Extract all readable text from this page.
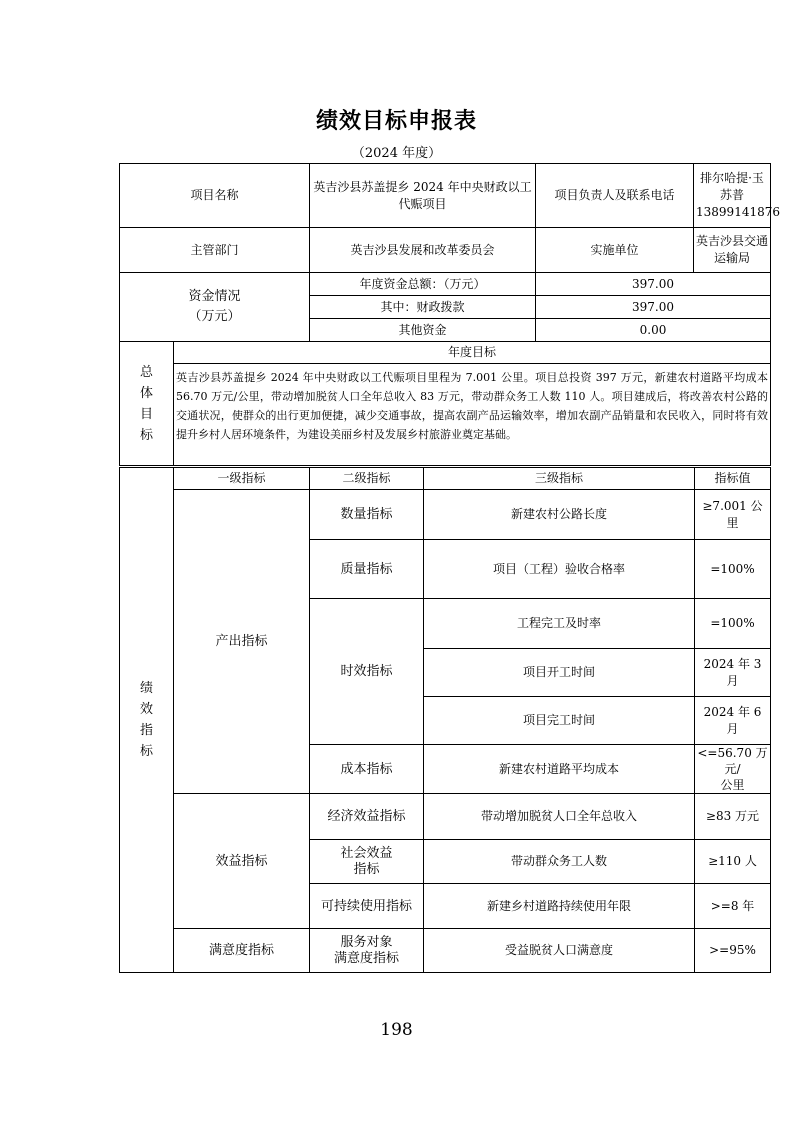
绩效目标申报表
（2024 年度）
项目名称		英吉沙县苏盖提乡 2024 年中央财政以工代赈项目	项目负责人及联系电话	排尔哈提·玉苏普
13899141876
主管部门		英吉沙县发展和改革委员会	实施单位	英吉沙县交通运输局
资金情况
（万元）		年度资金总额：（万元）	397.00	
		其中：财政拨款	397.00	
		其他资金	0.00	
总
体
目
标	年度目标			
	英吉沙县苏盖提乡 2024 年中央财政以工代赈项目里程为 7.001 公里。项目总投资 397 万元，新建农村道路平均成本 56.70 万元/公里，带动增加脱贫人口全年总收入 83 万元，带动群众务工人数 110 人。项目建成后，将改善农村公路的交通状况，使群众的出行更加便捷，减少交通事故，提高农副产品运输效率，增加农副产品销量和农民收入，同时将有效提升乡村人居环境条件，为建设美丽乡村及发展乡村旅游业奠定基础。			
绩
效
指
标	一级指标	二级指标	三级指标	指标值
	产出指标	数量指标	新建农村公路长度	≥7.001 公里
		质量指标	项目（工程）验收合格率	=100%
		时效指标	工程完工及时率	=100%
			项目开工时间	2024 年 3 月
			项目完工时间	2024 年 6 月
		成本指标	新建农村道路平均成本	<=56.70 万元/
公里
	效益指标	经济效益指标	带动增加脱贫人口全年总收入	≥83 万元
		社会效益
指标	带动群众务工人数	≥110 人
		可持续使用指标	新建乡村道路持续使用年限	>=8 年
	满意度指标	服务对象
满意度指标	受益脱贫人口满意度	>=95%
198
